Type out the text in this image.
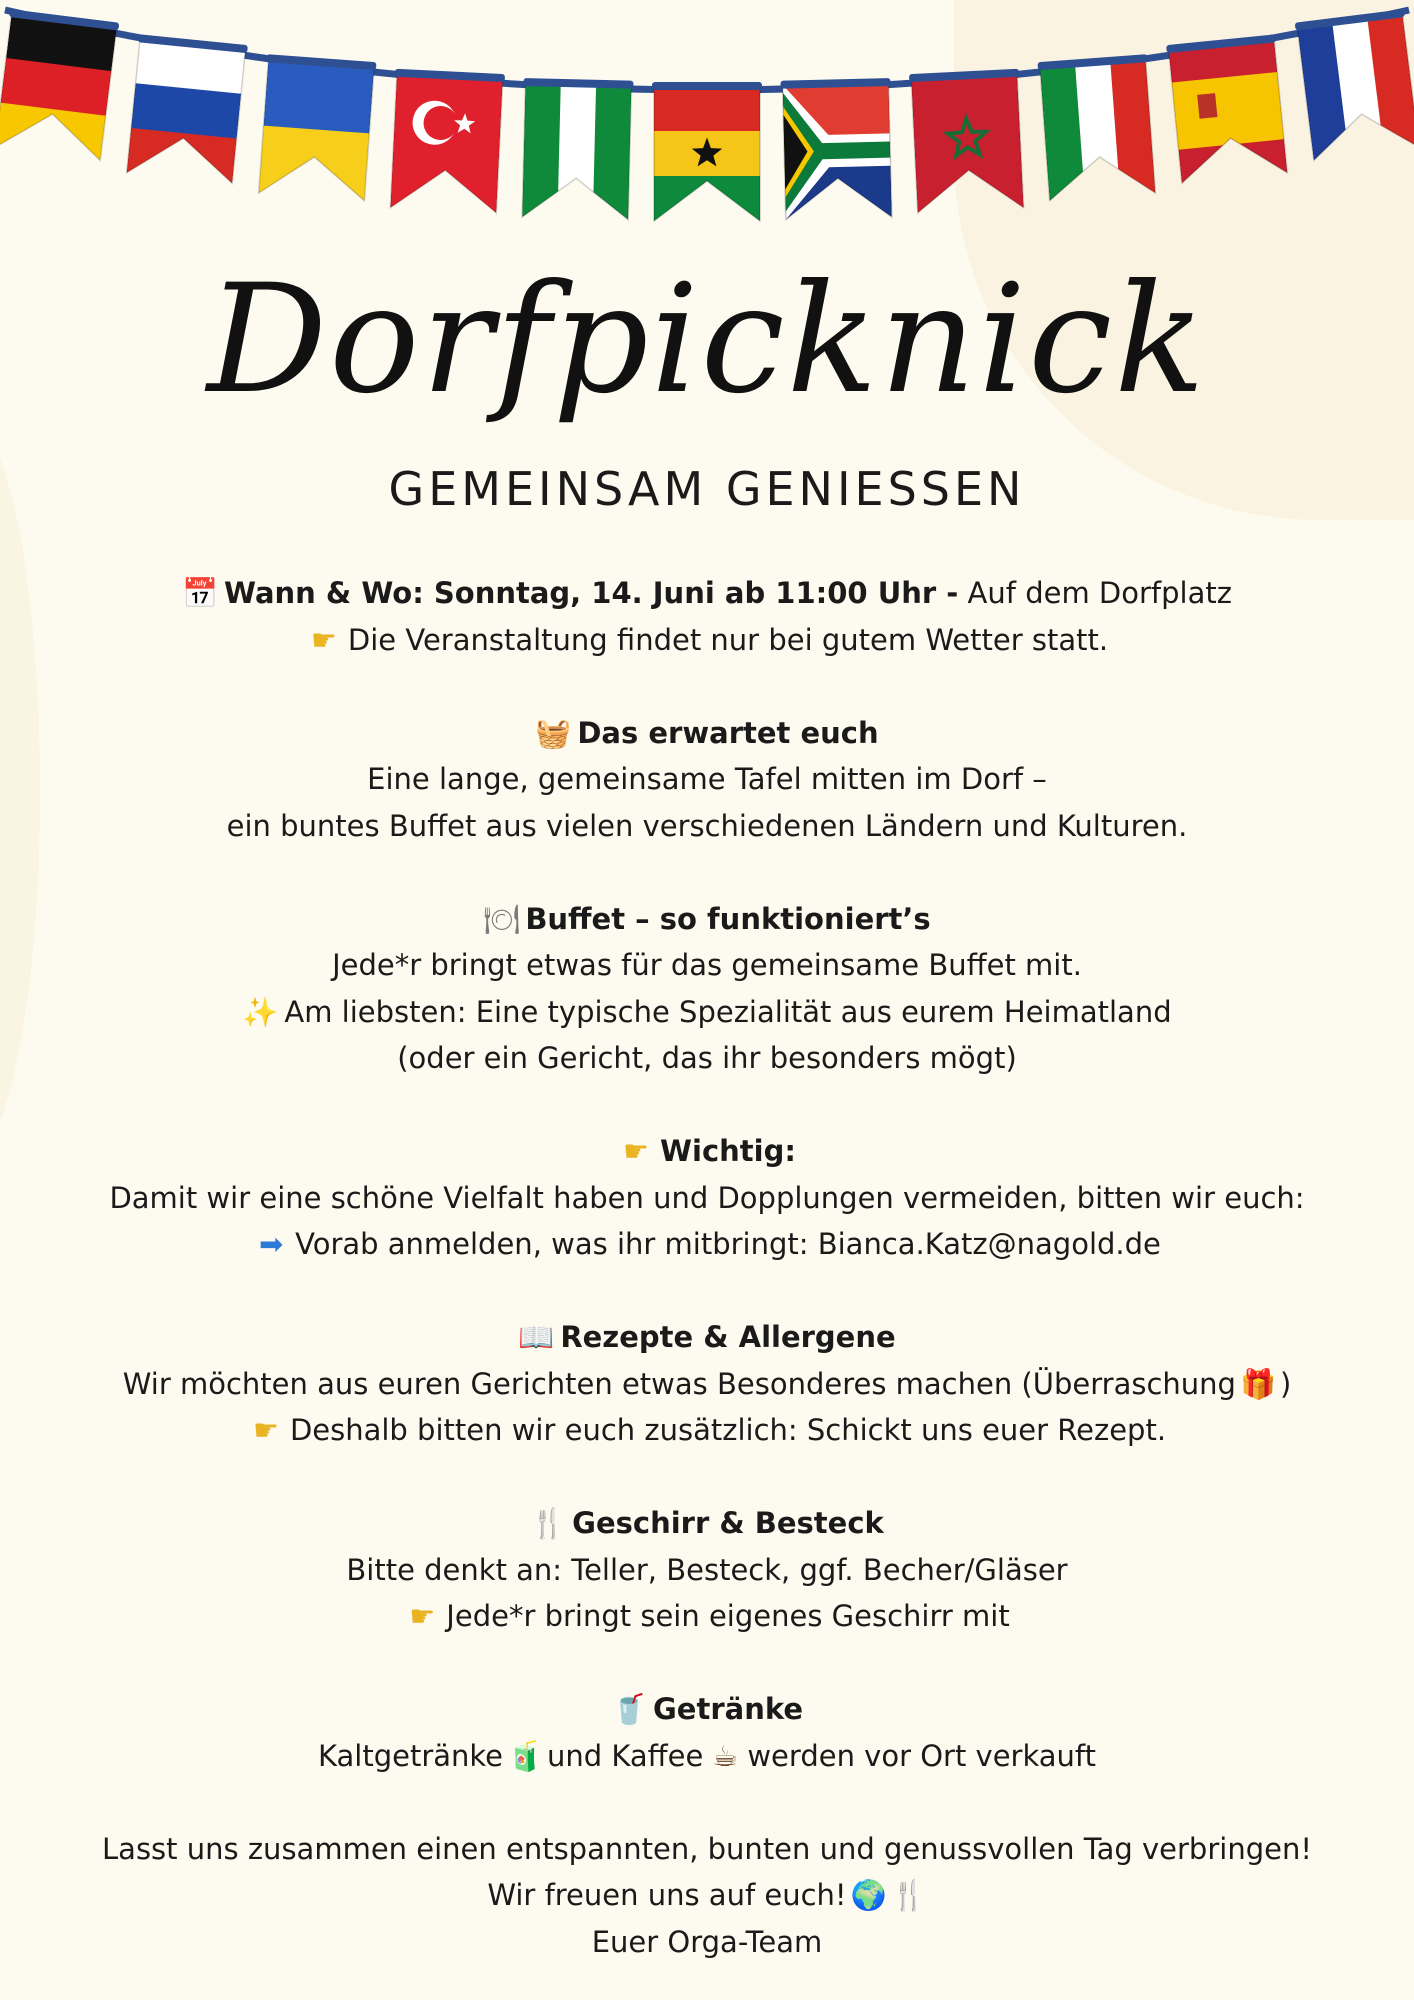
Dorfpicknick
GEMEINSAM GENIESSEN
📅 Wann & Wo: Sonntag, 14. Juni ab 11:00 Uhr - Auf dem Dorfplatz
☛ Die Veranstaltung findet nur bei gutem Wetter statt.
🧺 Das erwartet euch
Eine lange, gemeinsame Tafel mitten im Dorf –
ein buntes Buffet aus vielen verschiedenen Ländern und Kulturen.
🍽 Buffet – so funktioniert’s
Jede*r bringt etwas für das gemeinsame Buffet mit.
✨ Am liebsten: Eine typische Spezialität aus eurem Heimatland
(oder ein Gericht, das ihr besonders mögt)
☛ Wichtig:
Damit wir eine schöne Vielfalt haben und Dopplungen vermeiden, bitten wir euch:
➡ Vorab anmelden, was ihr mitbringt: Bianca.Katz@nagold.de
📖 Rezepte & Allergene
Wir möchten aus euren Gerichten etwas Besonderes machen (Überraschung 🎁 )
☛ Deshalb bitten wir euch zusätzlich: Schickt uns euer Rezept.
🍴 Geschirr & Besteck
Bitte denkt an: Teller, Besteck, ggf. Becher/Gläser
☛ Jede*r bringt sein eigenes Geschirr mit
🥤 Getränke
Kaltgetränke 🧃 und Kaffee ☕ werden vor Ort verkauft
Lasst uns zusammen einen entspannten, bunten und genussvollen Tag verbringen!
Wir freuen uns auf euch! 🌍 🍴
Euer Orga-Team
